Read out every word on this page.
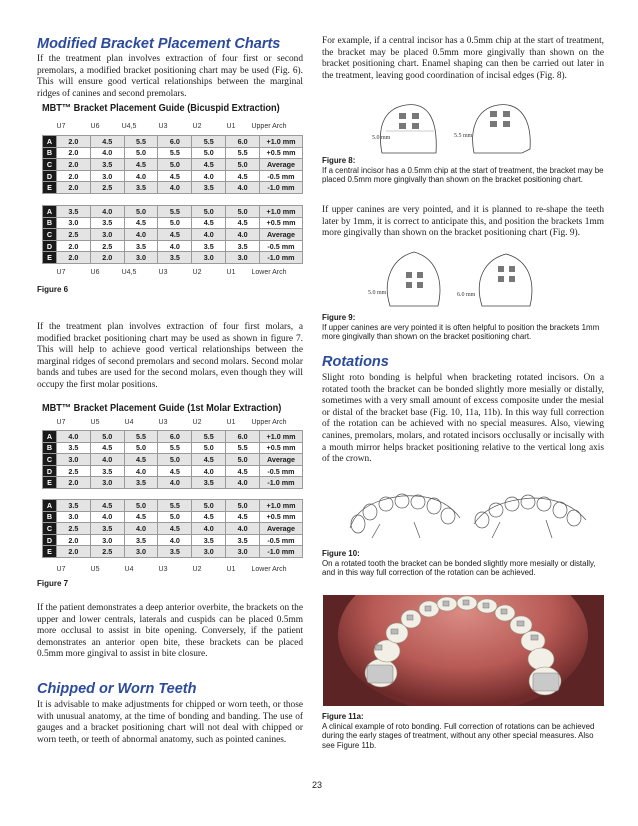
Modified Bracket Placement Charts
If the treatment plan involves extraction of four first or second premolars, a modified bracket positioning chart may be used (Fig. 6). This will ensure good vertical relationships between the marginal ridges of canines and second premolars.
MBT™ Bracket Placement Guide (Bicuspid Extraction)
U7	U6	U4,5	U3	U2	U1	Upper Arch
A	2.0	4.5	5.5	6.0	5.5	6.0	+1.0 mm
B	2.0	4.0	5.0	5.5	5.0	5.5	+0.5 mm
C	2.0	3.5	4.5	5.0	4.5	5.0	Average
D	2.0	3.0	4.0	4.5	4.0	4.5	-0.5 mm
E	2.0	2.5	3.5	4.0	3.5	4.0	-1.0 mm
A	3.5	4.0	5.0	5.5	5.0	5.0	+1.0 mm
B	3.0	3.5	4.5	5.0	4.5	4.5	+0.5 mm
C	2.5	3.0	4.0	4.5	4.0	4.0	Average
D	2.0	2.5	3.5	4.0	3.5	3.5	-0.5 mm
E	2.0	2.0	3.0	3.5	3.0	3.0	-1.0 mm
U7	U6	U4,5	U3	U2	U1	Lower Arch
Figure 6
If the treatment plan involves extraction of four first molars, a modified bracket positioning chart may be used as shown in figure 7. This will help to achieve good vertical relationships between the marginal ridges of second premolars and second molars. Second molar bands and tubes are used for the second molars, even though they will occupy the first molar positions.
MBT™ Bracket Placement Guide (1st Molar Extraction)
U7	U5	U4	U3	U2	U1	Upper Arch
A	4.0	5.0	5.5	6.0	5.5	6.0	+1.0 mm
B	3.5	4.5	5.0	5.5	5.0	5.5	+0.5 mm
C	3.0	4.0	4.5	5.0	4.5	5.0	Average
D	2.5	3.5	4.0	4.5	4.0	4.5	-0.5 mm
E	2.0	3.0	3.5	4.0	3.5	4.0	-1.0 mm
A	3.5	4.5	5.0	5.5	5.0	5.0	+1.0 mm
B	3.0	4.0	4.5	5.0	4.5	4.5	+0.5 mm
C	2.5	3.5	4.0	4.5	4.0	4.0	Average
D	2.0	3.0	3.5	4.0	3.5	3.5	-0.5 mm
E	2.0	2.5	3.0	3.5	3.0	3.0	-1.0 mm
U7	U5	U4	U3	U2	U1	Lower Arch
Figure 7
If the patient demonstrates a deep anterior overbite, the brackets on the upper and lower centrals, laterals and cuspids can be placed 0.5mm more occlusal to assist in bite opening. Conversely, if the patient demonstrates an anterior open bite, these brackets can be placed 0.5mm more gingival to assist in bite closure.
Chipped or Worn Teeth
It is advisable to make adjustments for chipped or worn teeth, or those with unusual anatomy, at the time of bonding and banding. The use of gauges and a bracket positioning chart will not deal with chipped or worn teeth, or teeth of abnormal anatomy, such as pointed canines.
For example, if a central incisor has a 0.5mm chip at the start of treatment, the bracket may be placed 0.5mm more gingivally than shown on the bracket positioning chart. Enamel shaping can then be carried out later in the treatment, leaving good coordination of incisal edges (Fig. 8).
5.0 mm	5.5 mm
Figure 8:
If a central incisor has a 0.5mm chip at the start of treatment, the bracket may be placed 0.5mm more gingivally than shown on the bracket positioning chart.
If upper canines are very pointed, and it is planned to re-shape the teeth later by 1mm, it is correct to anticipate this, and position the brackets 1mm more gingivally than shown on the bracket positioning chart (Fig. 9).
5.0 mm	6.0 mm
Figure 9:
If upper canines are very pointed it is often helpful to position the brackets 1mm more gingivally than shown on the bracket positioning chart.
Rotations
Slight roto bonding is helpful when bracketing rotated incisors. On a rotated tooth the bracket can be bonded slightly more mesially or distally, sometimes with a very small amount of excess composite under the mesial or distal of the bracket base (Fig. 10, 11a, 11b). In this way full correction of the rotation can be achieved with no special measures. Also, viewing canines, premolars, molars, and rotated incisors occlusally or incisally with a mouth mirror helps bracket positioning relative to the vertical long axis of the crown.
Figure 10:
On a rotated tooth the bracket can be bonded slightly more mesially or distally, and in this way full correction of the rotation can be achieved.
Figure 11a:
A clinical example of roto bonding. Full correction of rotations can be achieved during the early stages of treatment, without any other special measures. Also see Figure 11b.
23
